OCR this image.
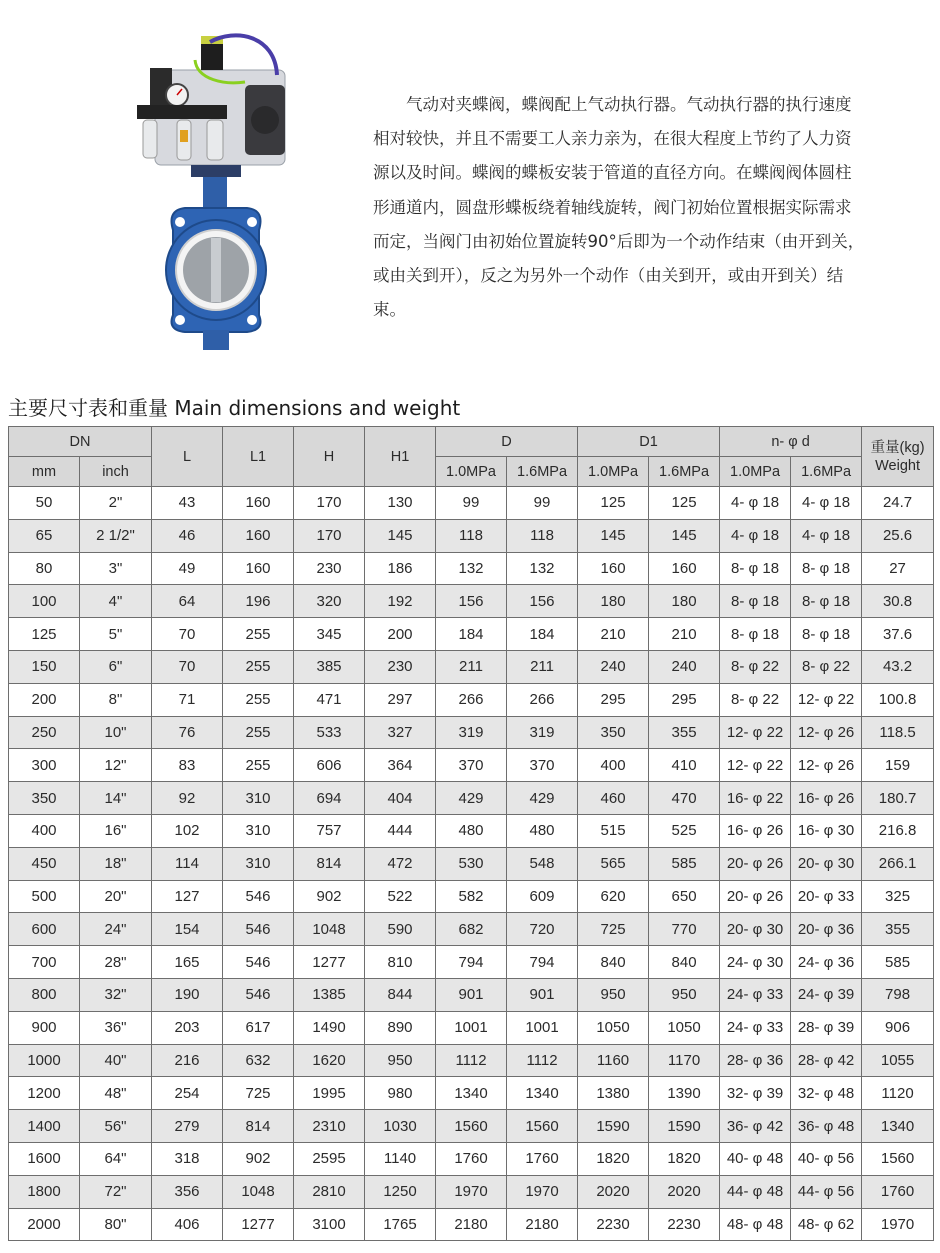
　　气动对夹蝶阀，蝶阀配上气动执行器。气动执行器的执行速度

相对较快，并且不需要工人亲力亲为，在很大程度上节约了人力资

源以及时间。蝶阀的蝶板安装于管道的直径方向。在蝶阀阀体圆柱

形通道内，圆盘形蝶板绕着轴线旋转，阀门初始位置根据实际需求

而定，当阀门由初始位置旋转90°后即为一个动作结束（由开到关，

或由关到开），反之为另外一个动作（由关到开，或由开到关）结

束。

主要尺寸表和重量 Main dimensions and weight
DN		L	L1	H	H1	D		D1		n- φ d		重量(kg)
Weight

mm	inch					1.0MPa	1.6MPa	1.0MPa	1.6MPa	1.0MPa	1.6MPa	
50	2"	43	160	170	130	99	99	125	125	4- φ 18	4- φ 18	24.7
65	2 1/2"	46	160	170	145	118	118	145	145	4- φ 18	4- φ 18	25.6
80	3"	49	160	230	186	132	132	160	160	8- φ 18	8- φ 18	27
100	4"	64	196	320	192	156	156	180	180	8- φ 18	8- φ 18	30.8
125	5"	70	255	345	200	184	184	210	210	8- φ 18	8- φ 18	37.6
150	6"	70	255	385	230	211	211	240	240	8- φ 22	8- φ 22	43.2
200	8"	71	255	471	297	266	266	295	295	8- φ 22	12- φ 22	100.8
250	10"	76	255	533	327	319	319	350	355	12- φ 22	12- φ 26	118.5
300	12"	83	255	606	364	370	370	400	410	12- φ 22	12- φ 26	159
350	14"	92	310	694	404	429	429	460	470	16- φ 22	16- φ 26	180.7
400	16"	102	310	757	444	480	480	515	525	16- φ 26	16- φ 30	216.8
450	18"	114	310	814	472	530	548	565	585	20- φ 26	20- φ 30	266.1
500	20"	127	546	902	522	582	609	620	650	20- φ 26	20- φ 33	325
600	24"	154	546	1048	590	682	720	725	770	20- φ 30	20- φ 36	355
700	28"	165	546	1277	810	794	794	840	840	24- φ 30	24- φ 36	585
800	32"	190	546	1385	844	901	901	950	950	24- φ 33	24- φ 39	798
900	36"	203	617	1490	890	1001	1001	1050	1050	24- φ 33	28- φ 39	906
1000	40"	216	632	1620	950	1112	1112	1160	1170	28- φ 36	28- φ 42	1055
1200	48"	254	725	1995	980	1340	1340	1380	1390	32- φ 39	32- φ 48	1120
1400	56"	279	814	2310	1030	1560	1560	1590	1590	36- φ 42	36- φ 48	1340
1600	64"	318	902	2595	1140	1760	1760	1820	1820	40- φ 48	40- φ 56	1560
1800	72"	356	1048	2810	1250	1970	1970	2020	2020	44- φ 48	44- φ 56	1760
2000	80"	406	1277	3100	1765	2180	2180	2230	2230	48- φ 48	48- φ 62	1970
